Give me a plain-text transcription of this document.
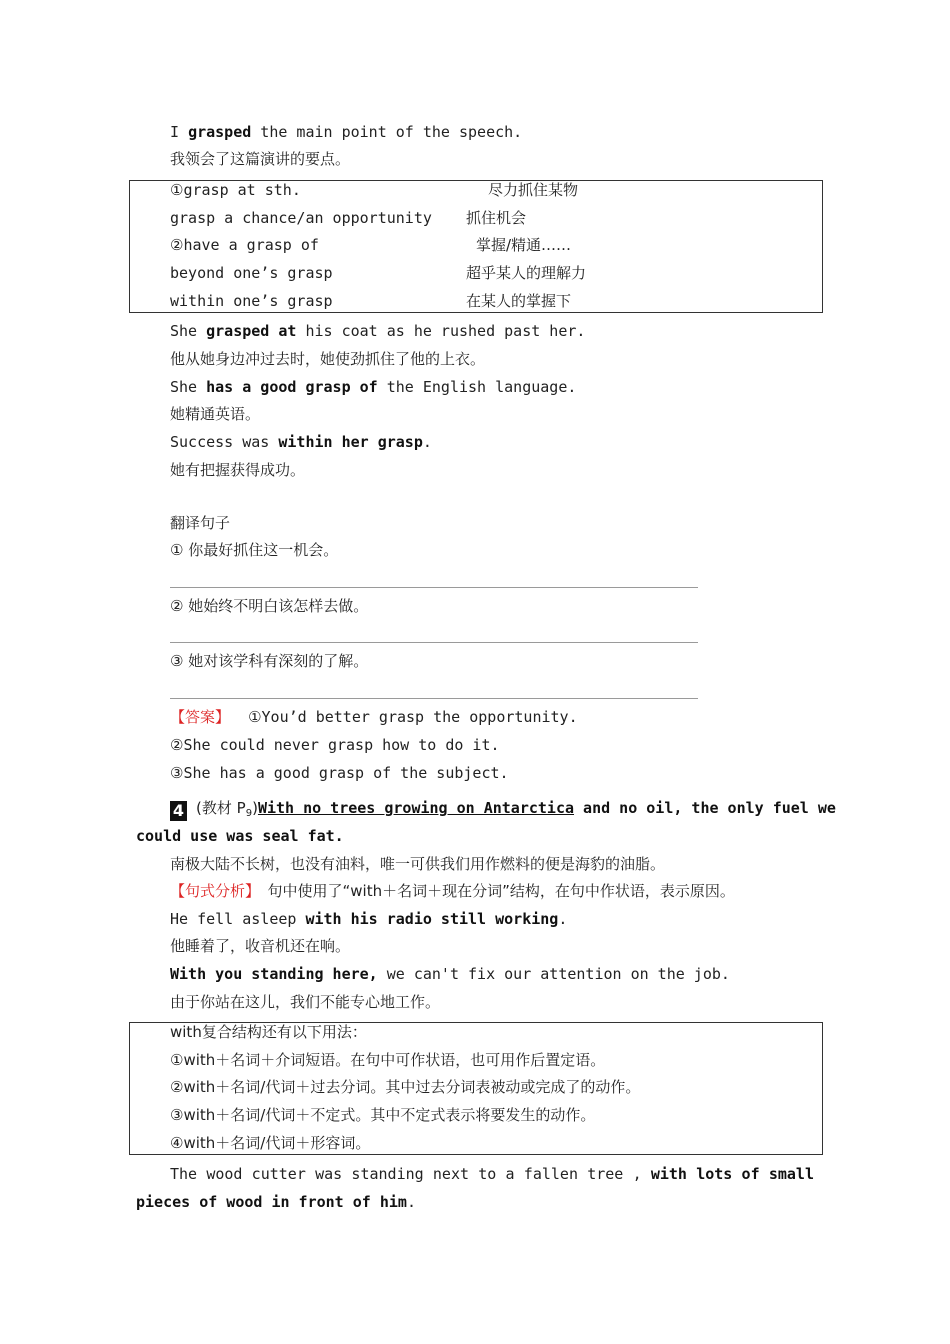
I grasped the main point of the speech.
我领会了这篇演讲的要点。
①grasp at sth.	尽力抓住某物
grasp a chance/an opportunity 抓住机会
②have a grasp of	掌握/精通……
beyond one’s grasp	超乎某人的理解力
within one’s grasp	在某人的掌握下
She grasped at his coat as he rushed past her.
他从她身边冲过去时，她使劲抓住了他的上衣。
She has a good grasp of the English language.
她精通英语。
Success was within her grasp.
她有把握获得成功。
翻译句子
① 你最好抓住这一机会。
② 她始终不明白该怎样去做。
③ 她对该学科有深刻的了解。
【答案】 ①You’d better grasp the opportunity.
②She could never grasp how to do it.
③She has a good grasp of the subject.
4 (教材 $P_9)With$ no trees growing on Antarctica and no oil, the only fuel we
could use was seal fat.
南极大陆不长树，也没有油料，唯一可供我们用作燃料的便是海豹的油脂。
【句式分析】　句中使用了“with＋名词＋现在分词”结构，在句中作状语，表示原因。
He fell asleep with his radio still working.
他睡着了，收音机还在响。
With you standing here, we can't fix our attention on the job.
由于你站在这儿，我们不能专心地工作。
with复合结构还有以下用法：
①with＋名词＋介词短语。在句中可作状语，也可用作后置定语。
②with＋名词/代词＋过去分词。其中过去分词表被动或完成了的动作。
③with＋名词/代词＋不定式。其中不定式表示将要发生的动作。
④with＋名词/代词＋形容词。
The wood cutter was standing next to a fallen tree , with lots of small
pieces of wood in front of him.
